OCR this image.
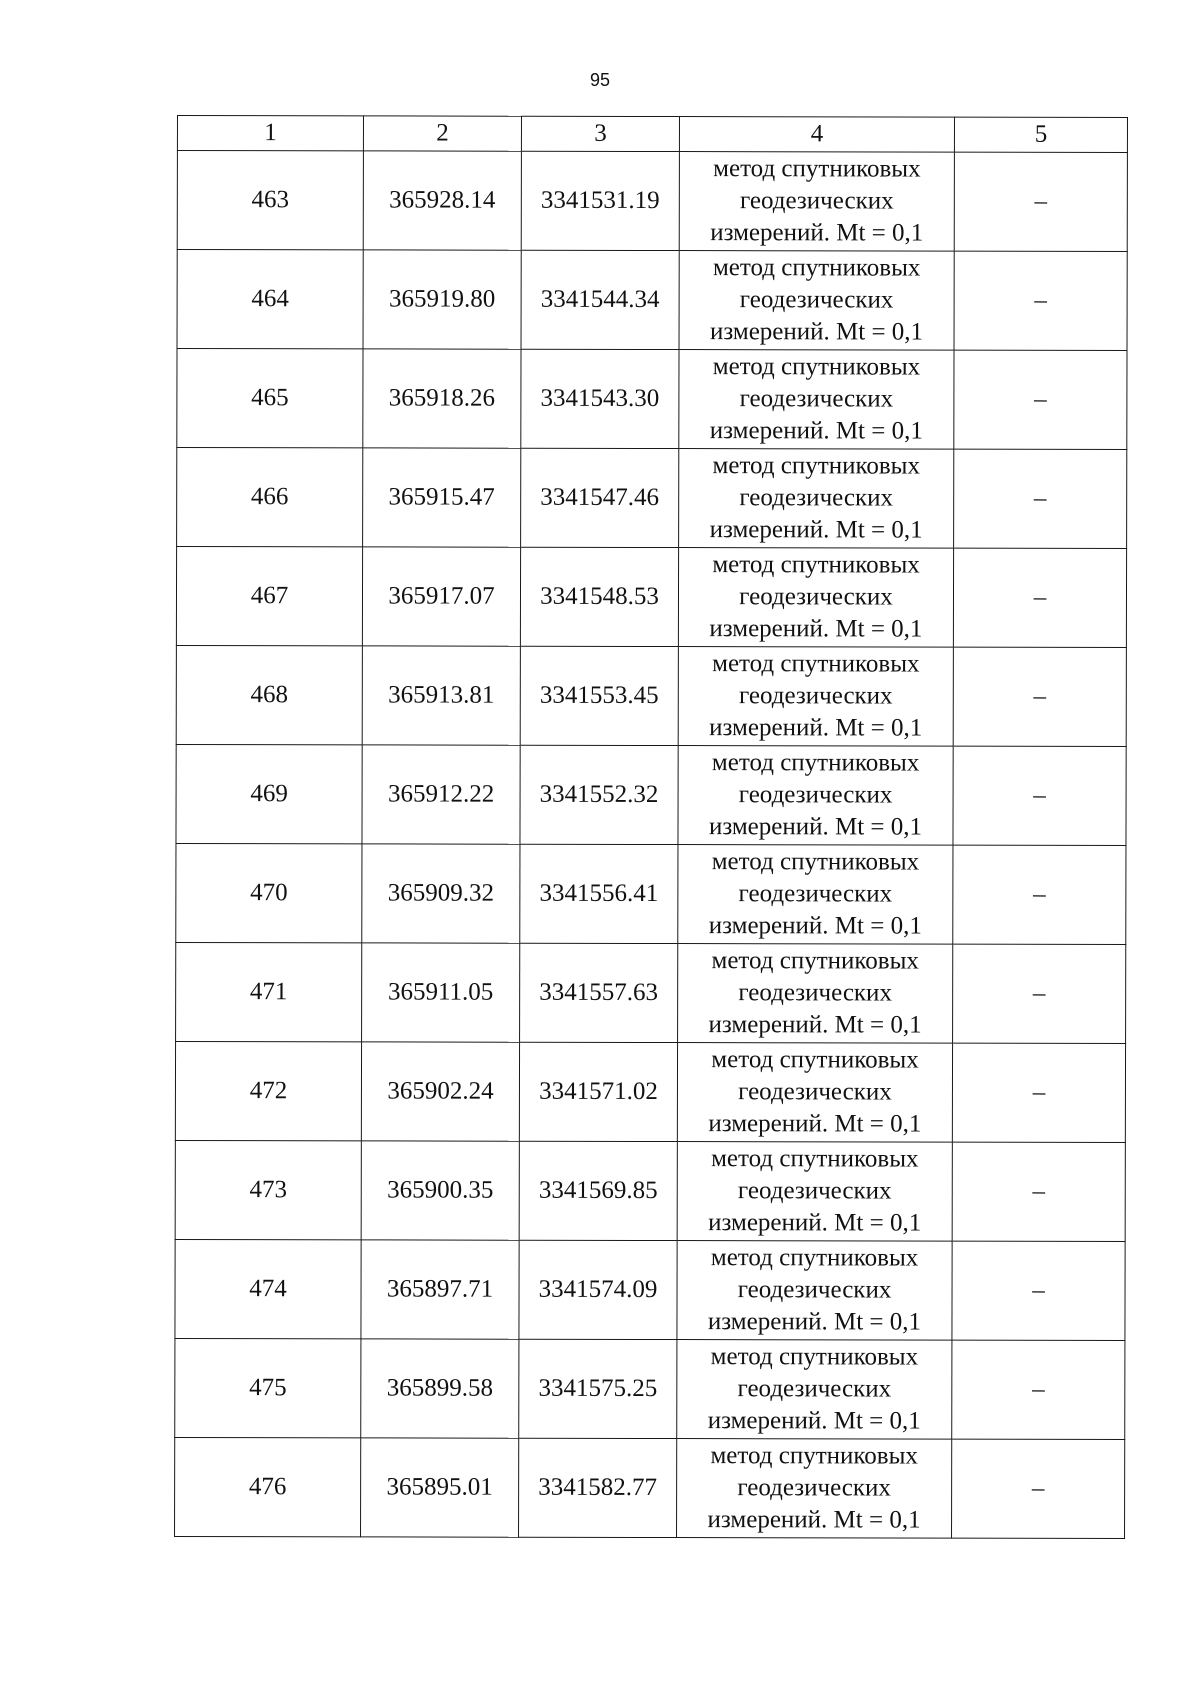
95
1	2	3	4	5
463	365928.14	3341531.19	метод спутниковых
геодезических
измерений. Mt = 0,1	–
464	365919.80	3341544.34	метод спутниковых
геодезических
измерений. Mt = 0,1	–
465	365918.26	3341543.30	метод спутниковых
геодезических
измерений. Mt = 0,1	–
466	365915.47	3341547.46	метод спутниковых
геодезических
измерений. Mt = 0,1	–
467	365917.07	3341548.53	метод спутниковых
геодезических
измерений. Mt = 0,1	–
468	365913.81	3341553.45	метод спутниковых
геодезических
измерений. Mt = 0,1	–
469	365912.22	3341552.32	метод спутниковых
геодезических
измерений. Mt = 0,1	–
470	365909.32	3341556.41	метод спутниковых
геодезических
измерений. Mt = 0,1	–
471	365911.05	3341557.63	метод спутниковых
геодезических
измерений. Mt = 0,1	–
472	365902.24	3341571.02	метод спутниковых
геодезических
измерений. Mt = 0,1	–
473	365900.35	3341569.85	метод спутниковых
геодезических
измерений. Mt = 0,1	–
474	365897.71	3341574.09	метод спутниковых
геодезических
измерений. Mt = 0,1	–
475	365899.58	3341575.25	метод спутниковых
геодезических
измерений. Mt = 0,1	–
476	365895.01	3341582.77	метод спутниковых
геодезических
измерений. Mt = 0,1	–
